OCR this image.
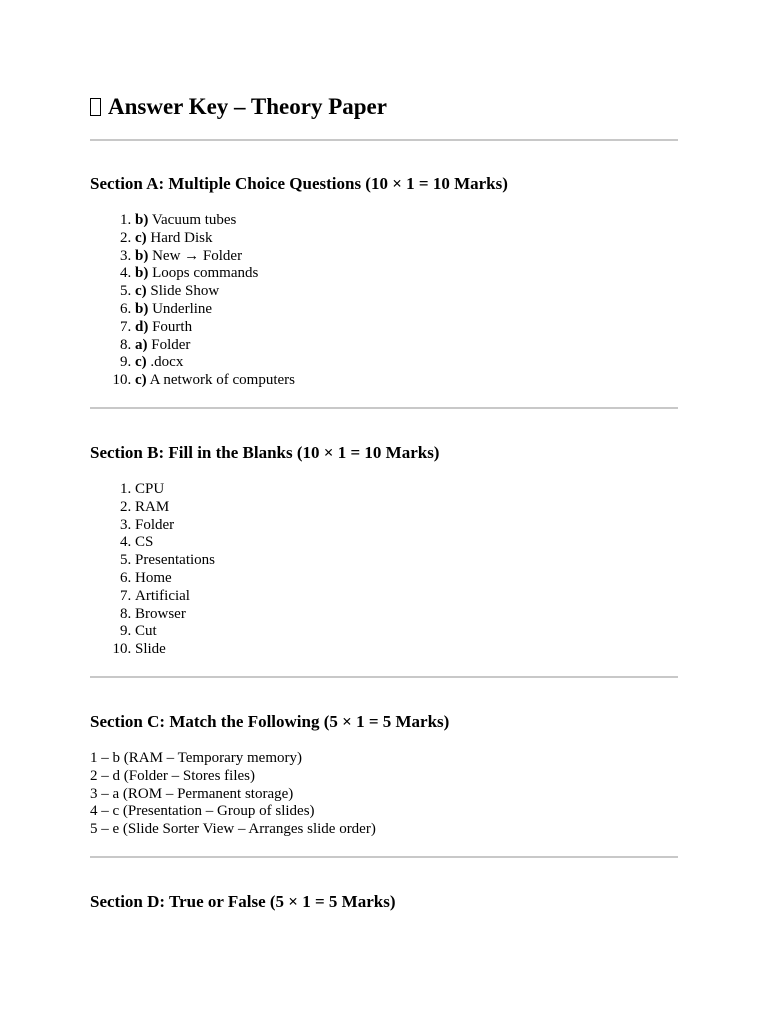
Answer Key – Theory Paper
Section A: Multiple Choice Questions (10 × 1 = 10 Marks)
1. b) Vacuum tubes
2. c) Hard Disk
3. b) New → Folder
4. b) Loops commands
5. c) Slide Show
6. b) Underline
7. d) Fourth
8. a) Folder
9. c) .docx
10. c) A network of computers
Section B: Fill in the Blanks (10 × 1 = 10 Marks)
1. CPU
2. RAM
3. Folder
4. CS
5. Presentations
6. Home
7. Artificial
8. Browser
9. Cut
10. Slide
Section C: Match the Following (5 × 1 = 5 Marks)
1 – b (RAM – Temporary memory)
2 – d (Folder – Stores files)
3 – a (ROM – Permanent storage)
4 – c (Presentation – Group of slides)
5 – e (Slide Sorter View – Arranges slide order)
Section D: True or False (5 × 1 = 5 Marks)
